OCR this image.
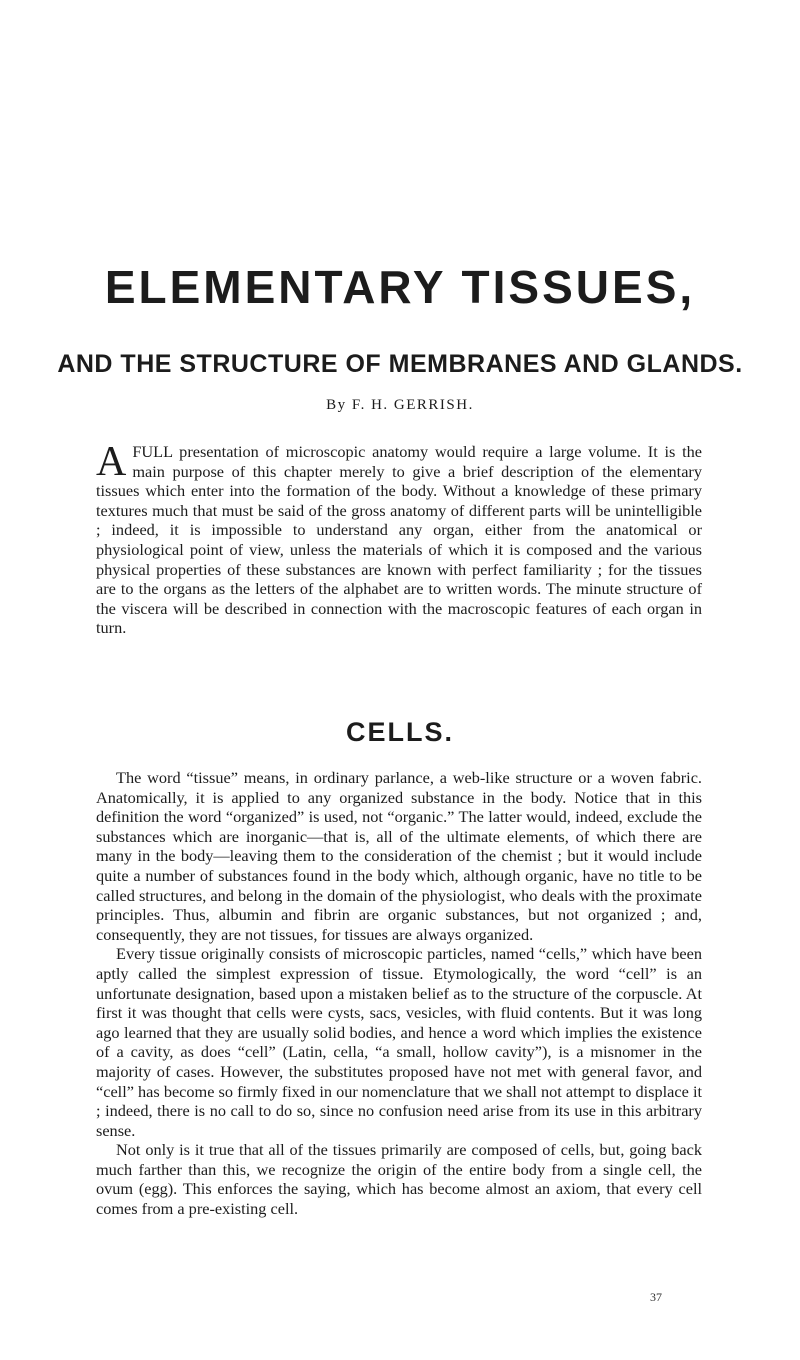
ELEMENTARY TISSUES,
AND THE STRUCTURE OF MEMBRANES AND GLANDS.
By F. H. GERRISH.

AFULL presentation of microscopic anatomy would require a large volume. It is the main purpose of this chapter merely to give a brief description of the elementary tissues which enter into the formation of the body. Without a knowledge of these primary textures much that must be said of the gross anatomy of different parts will be unintelligible ; indeed, it is impossible to understand any organ, either from the anatomical or physiological point of view, unless the materials of which it is composed and the various physical properties of these substances are known with perfect familiarity ; for the tissues are to the organs as the letters of the alphabet are to written words. The minute structure of the viscera will be described in connection with the macroscopic features of each organ in turn.

CELLS.

The word “tissue” means, in ordinary parlance, a web-like structure or a woven fabric. Anatomically, it is applied to any organized substance in the body. Notice that in this definition the word “organized” is used, not “organic.” The latter would, indeed, exclude the substances which are inorganic—that is, all of the ultimate elements, of which there are many in the body—leaving them to the consideration of the chemist ; but it would include quite a number of substances found in the body which, although organic, have no title to be called structures, and belong in the domain of the physiologist, who deals with the proximate principles. Thus, albumin and fibrin are organic substances, but not organized ; and, consequently, they are not tissues, for tissues are always organized.

Every tissue originally consists of microscopic particles, named “cells,” which have been aptly called the simplest expression of tissue. Etymologically, the word “cell” is an unfortunate designation, based upon a mistaken belief as to the structure of the corpuscle. At first it was thought that cells were cysts, sacs, vesicles, with fluid contents. But it was long ago learned that they are usually solid bodies, and hence a word which implies the existence of a cavity, as does “cell” (Latin, cella, “a small, hollow cavity”), is a misnomer in the majority of cases. However, the substitutes proposed have not met with general favor, and “cell” has become so firmly fixed in our nomenclature that we shall not attempt to displace it ; indeed, there is no call to do so, since no confusion need arise from its use in this arbitrary sense.

Not only is it true that all of the tissues primarily are composed of cells, but, going back much farther than this, we recognize the origin of the entire body from a single cell, the ovum (egg). This enforces the saying, which has become almost an axiom, that every cell comes from a pre-existing cell.

37
